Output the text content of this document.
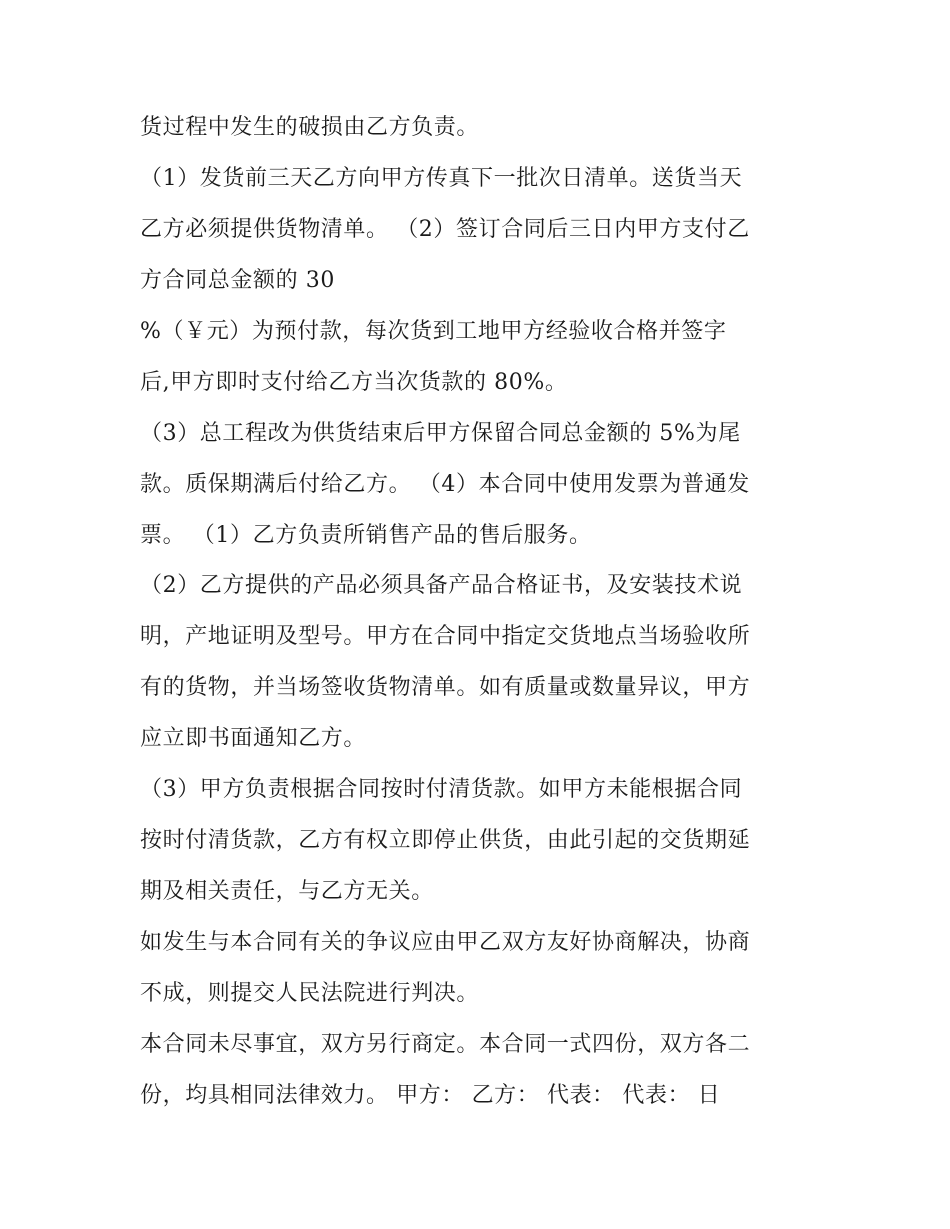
货过程中发生的破损由乙方负责。
（1）发货前三天乙方向甲方传真下一批次日清单。送货当天
乙方必须提供货物清单。 （2）签订合同后三日内甲方支付乙
方合同总金额的 30
%（￥元）为预付款，每次货到工地甲方经验收合格并签字
后,甲方即时支付给乙方当次货款的 80%。
（3）总工程改为供货结束后甲方保留合同总金额的 5%为尾
款。质保期满后付给乙方。 （4）本合同中使用发票为普通发
票。 （1）乙方负责所销售产品的售后服务。
（2）乙方提供的产品必须具备产品合格证书，及安装技术说
明，产地证明及型号。甲方在合同中指定交货地点当场验收所
有的货物，并当场签收货物清单。如有质量或数量异议，甲方
应立即书面通知乙方。
（3）甲方负责根据合同按时付清货款。如甲方未能根据合同
按时付清货款，乙方有权立即停止供货，由此引起的交货期延
期及相关责任，与乙方无关。
如发生与本合同有关的争议应由甲乙双方友好协商解决，协商
不成，则提交人民法院进行判决。
本合同未尽事宜，双方另行商定。本合同一式四份，双方各二
份，均具相同法律效力。 甲方： 乙方： 代表： 代表： 日
